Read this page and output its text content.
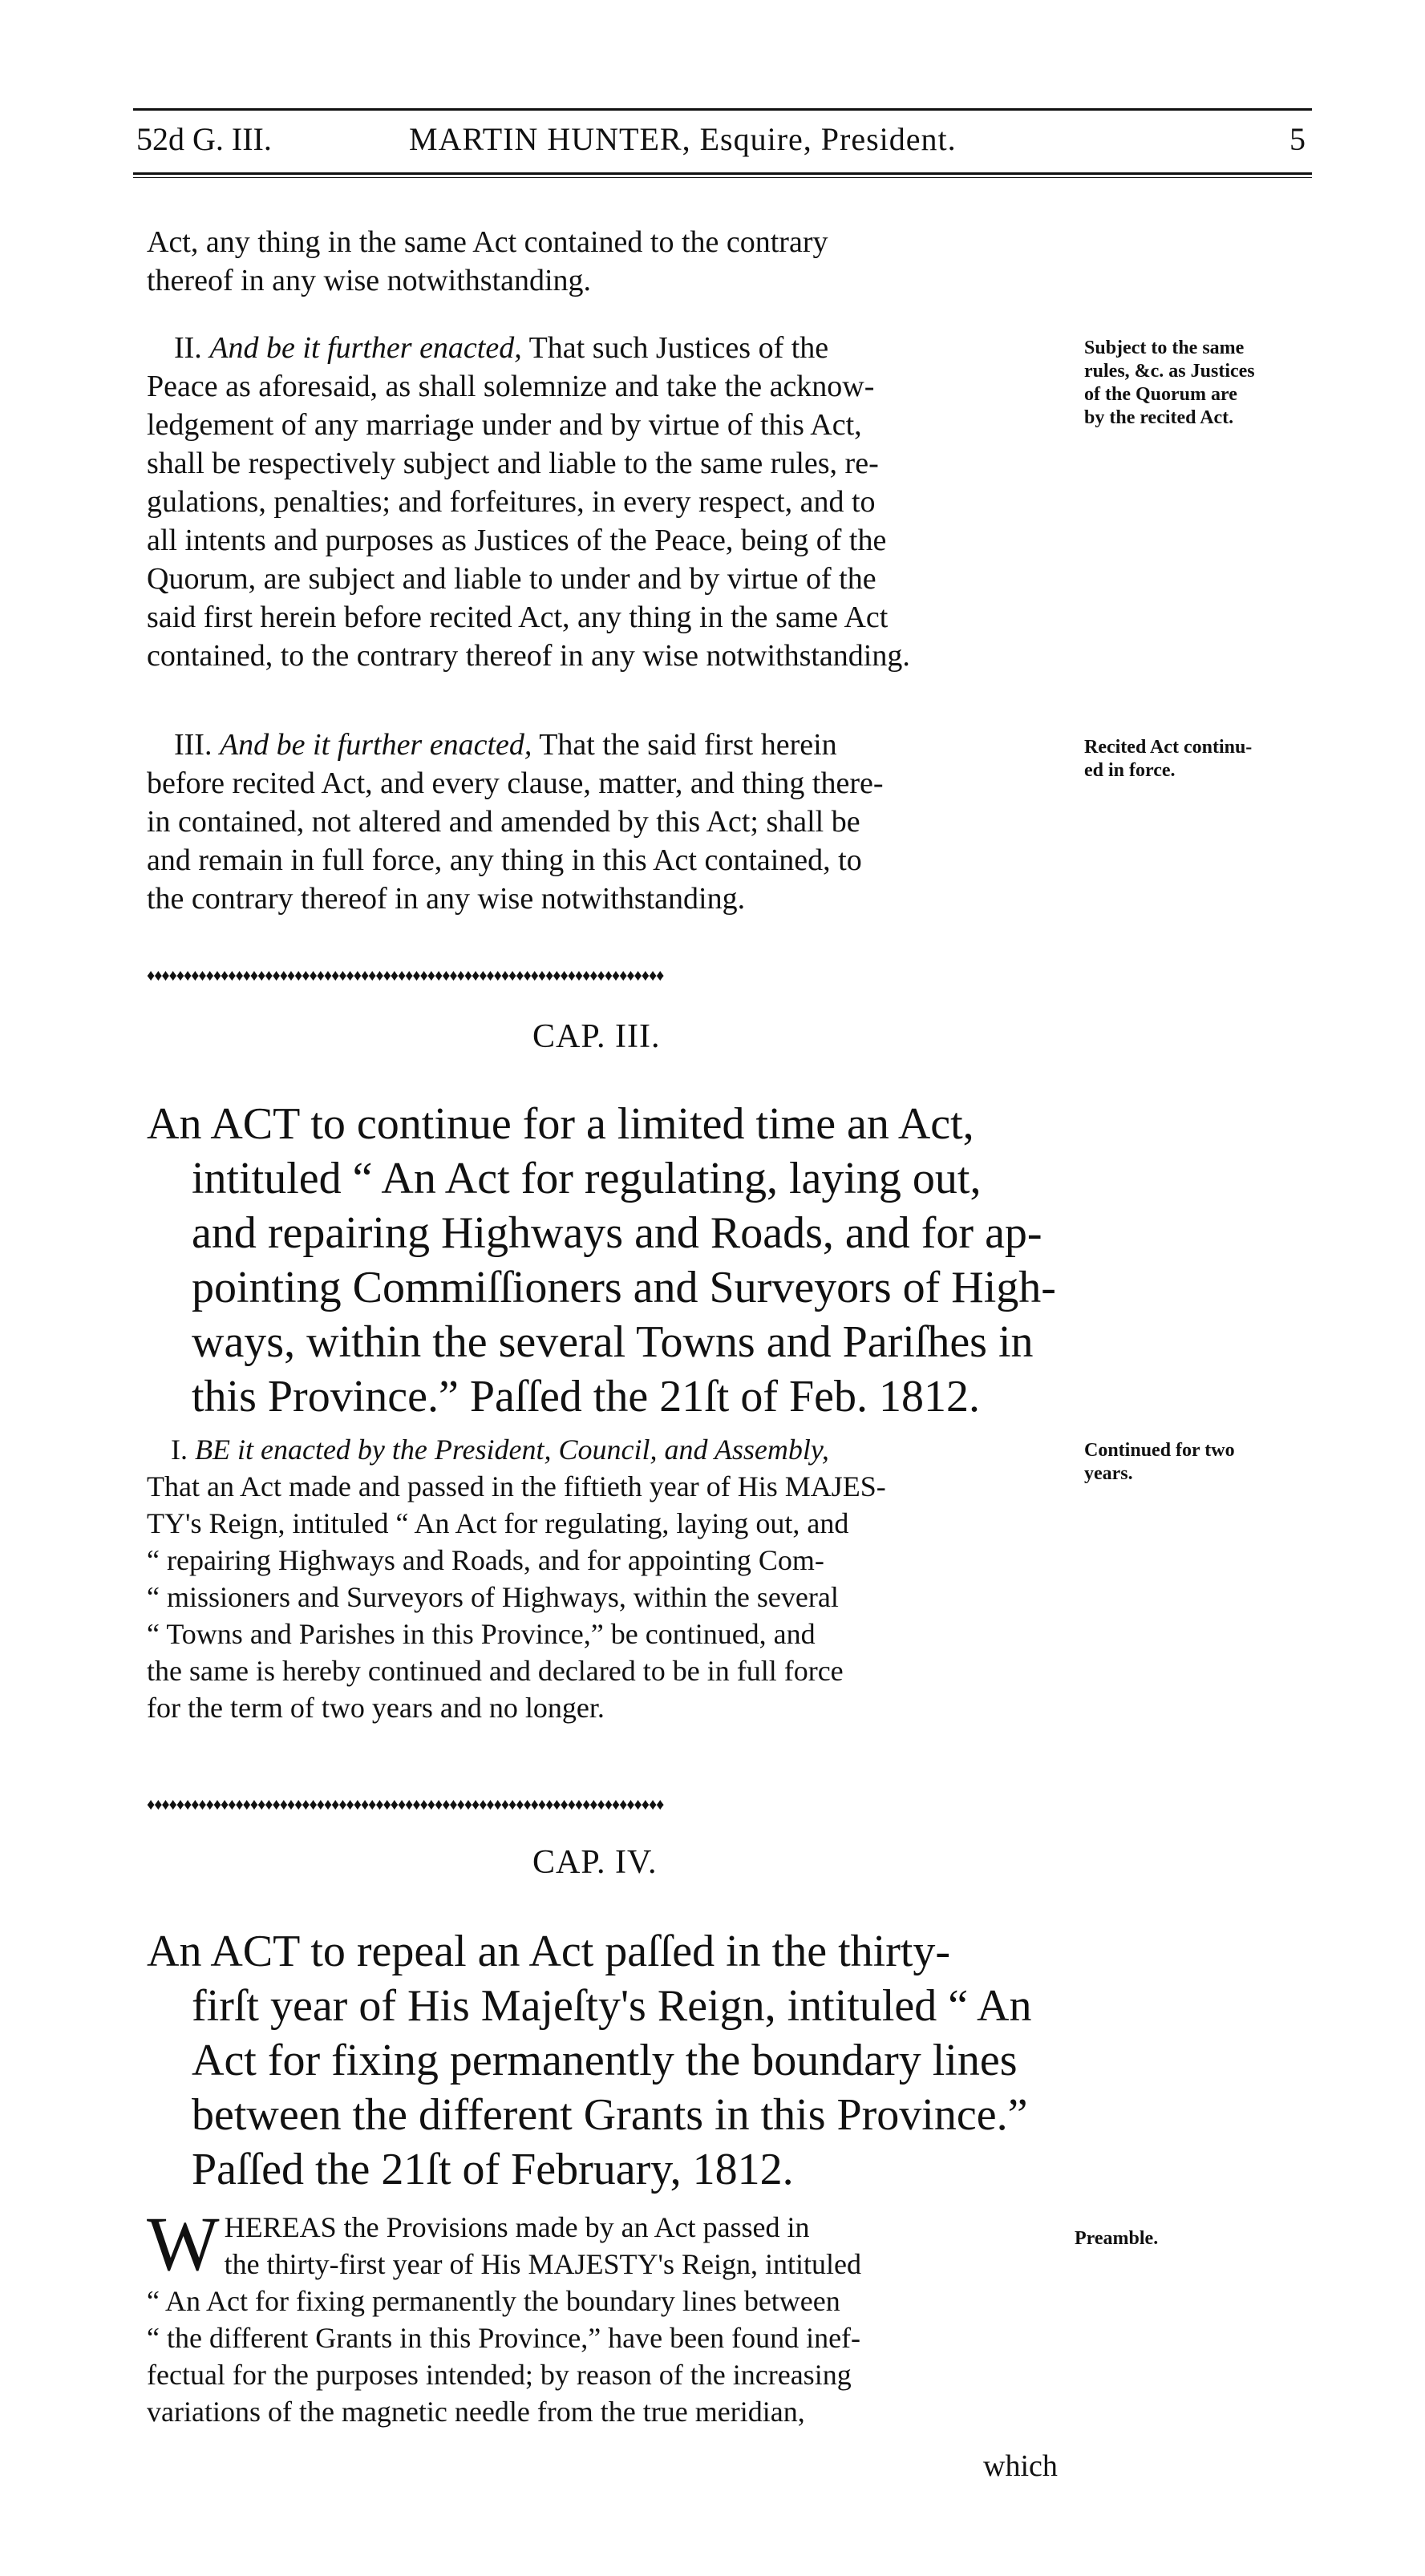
52d G. III.	MARTIN HUNTER, Esquire, President.	5
Act, any thing in the same Act contained to the contrary
thereof in any wise notwithstanding.
II. And be it further enacted, That such Justices of the
Peace as aforesaid, as shall solemnize and take the acknow-
ledgement of any marriage under and by virtue of this Act,
shall be respectively subject and liable to the same rules, re-
gulations, penalties; and forfeitures, in every respect, and to
all intents and purposes as Justices of the Peace, being of the
Quorum, are subject and liable to under and by virtue of the
said first herein before recited Act, any thing in the same Act
contained, to the contrary thereof in any wise notwithstanding.
Subject to the same
rules, &c. as Justices
of the Quorum are
by the recited Act.
III. And be it further enacted, That the said first herein
before recited Act, and every clause, matter, and thing there-
in contained, not altered and amended by this Act; shall be
and remain in full force, any thing in this Act contained, to
the contrary thereof in any wise notwithstanding.
Recited Act continu-
ed in force.
♦♦♦♦♦♦♦♦♦♦♦♦♦♦♦♦♦♦♦♦♦♦♦♦♦♦♦♦♦♦♦♦♦♦♦♦♦♦♦♦♦♦♦♦♦♦♦♦♦♦♦♦♦♦♦♦♦♦♦♦♦♦♦♦♦♦♦♦♦♦
CAP. III.
An ACT to continue for a limited time an Act,
intituled “ An Act for regulating, laying out,
and repairing Highways and Roads, and for ap-
pointing Commiſſioners and Surveyors of High-
ways, within the several Towns and Pariſhes in
this Province.” Paſſed the 21ſt of Feb. 1812.
I. BE it enacted by the President, Council, and Assembly,
That an Act made and passed in the fiftieth year of His MAJES-
TY's Reign, intituled “ An Act for regulating, laying out, and
“ repairing Highways and Roads, and for appointing Com-
“ missioners and Surveyors of Highways, within the several
“ Towns and Parishes in this Province,” be continued, and
the same is hereby continued and declared to be in full force
for the term of two years and no longer.
Continued for two
years.
♦♦♦♦♦♦♦♦♦♦♦♦♦♦♦♦♦♦♦♦♦♦♦♦♦♦♦♦♦♦♦♦♦♦♦♦♦♦♦♦♦♦♦♦♦♦♦♦♦♦♦♦♦♦♦♦♦♦♦♦♦♦♦♦♦♦♦♦♦♦
CAP. IV.
An ACT to repeal an Act paſſed in the thirty-
firſt year of His Majeſty's Reign, intituled “ An
Act for fixing permanently the boundary lines
between the different Grants in this Province.”
Paſſed the 21ſt of February, 1812.
W HEREAS the Provisions made by an Act passed in
the thirty-first year of His MAJESTY's Reign, intituled
“ An Act for fixing permanently the boundary lines between
“ the different Grants in this Province,” have been found inef-
fectual for the purposes intended; by reason of the increasing
variations of the magnetic needle from the true meridian,
Preamble.
which
